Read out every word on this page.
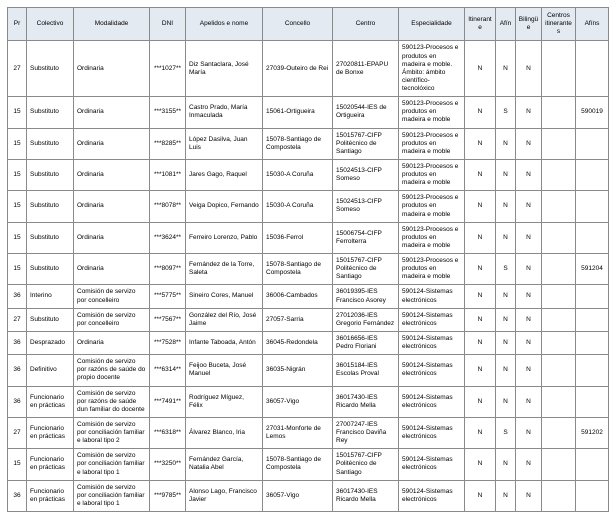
Pr	Colectivo	Modalidade	DNI	Apelidos e nome	Concello	Centro	Especialidade	Itinerante	Afín	Bilingüe	Centros itinerantes	Afíns
27	Substituto	Ordinaria	***1027**	Diz Santaclara, José María	27039-Outeiro de Rei	27020811-EPAPU de Bonxe	590123-Procesos e produtos en madeira e moble. Ámbito: ámbito científico-tecnolóxico	N	N	N		
15	Substituto	Ordinaria	***3155**	Castro Prado, María Inmaculada	15061-Ortigueira	15020544-IES de Ortigueira	590123-Procesos e produtos en madeira e moble	N	S	N		590019
15	Substituto	Ordinaria	***8285**	López Dasilva, Juan Luis	15078-Santiago de Compostela	15015767-CIFP Politécnico de Santiago	590123-Procesos e produtos en madeira e moble	N	N	N		
15	Substituto	Ordinaria	***1081**	Jares Gago, Raquel	15030-A Coruña	15024513-CIFP Someso	590123-Procesos e produtos en madeira e moble	N	N	N		
15	Substituto	Ordinaria	***8078**	Veiga Dopico, Fernando	15030-A Coruña	15024513-CIFP Someso	590123-Procesos e produtos en madeira e moble	N	N	N		
15	Substituto	Ordinaria	***3624**	Ferreiro Lorenzo, Pablo	15036-Ferrol	15006754-CIFP Ferrolterra	590123-Procesos e produtos en madeira e moble	N	N	N		
15	Substituto	Ordinaria	***8097**	Fernández de la Torre, Saleta	15078-Santiago de Compostela	15015767-CIFP Politécnico de Santiago	590123-Procesos e produtos en madeira e moble	N	S	N		591204
36	Interino	Comisión de servizo por concelleiro	***5775**	Sineiro Cores, Manuel	36006-Cambados	36019395-IES Francisco Asorey	590124-Sistemas electrónicos	N	N	N		
27	Substituto	Comisión de servizo por concelleiro	***7567**	González del Río, José Jaime	27057-Sarria	27012036-IES Gregorio Fernández	590124-Sistemas electrónicos	N	N	N		
36	Desprazado	Ordinaria	***7528**	Infante Taboada, Antón	36045-Redondela	36016656-IES Pedro Floriani	590124-Sistemas electrónicos	N	N	N		
36	Definitivo	Comisión de servizo por razóns de saúde do propio docente	***6314**	Feijoo Buceta, José Manuel	36035-Nigrán	36015184-IES Escolas Proval	590124-Sistemas electrónicos	N	N	N		
36	Funcionario en prácticas	Comisión de servizo por razóns de saúde dun familiar do docente	***7491**	Rodríguez Míguez, Félix	36057-Vigo	36017430-IES Ricardo Mella	590124-Sistemas electrónicos	N	N	N		
27	Funcionario en prácticas	Comisión de servizo por conciliación familiar e laboral tipo 2	***6318**	Álvarez Blanco, Iria	27031-Monforte de Lemos	27007247-IES Francisco Daviña Rey	590124-Sistemas electrónicos	N	S	N		591202
15	Funcionario en prácticas	Comisión de servizo por conciliación familiar e laboral tipo 1	***3250**	Fernández García, Natalia Abel	15078-Santiago de Compostela	15015767-CIFP Politécnico de Santiago	590124-Sistemas electrónicos	N	N	N		
36	Funcionario en prácticas	Comisión de servizo por conciliación familiar e laboral tipo 1	***9785**	Alonso Lago, Francisco Javier	36057-Vigo	36017430-IES Ricardo Mella	590124-Sistemas electrónicos	N	N	N		
